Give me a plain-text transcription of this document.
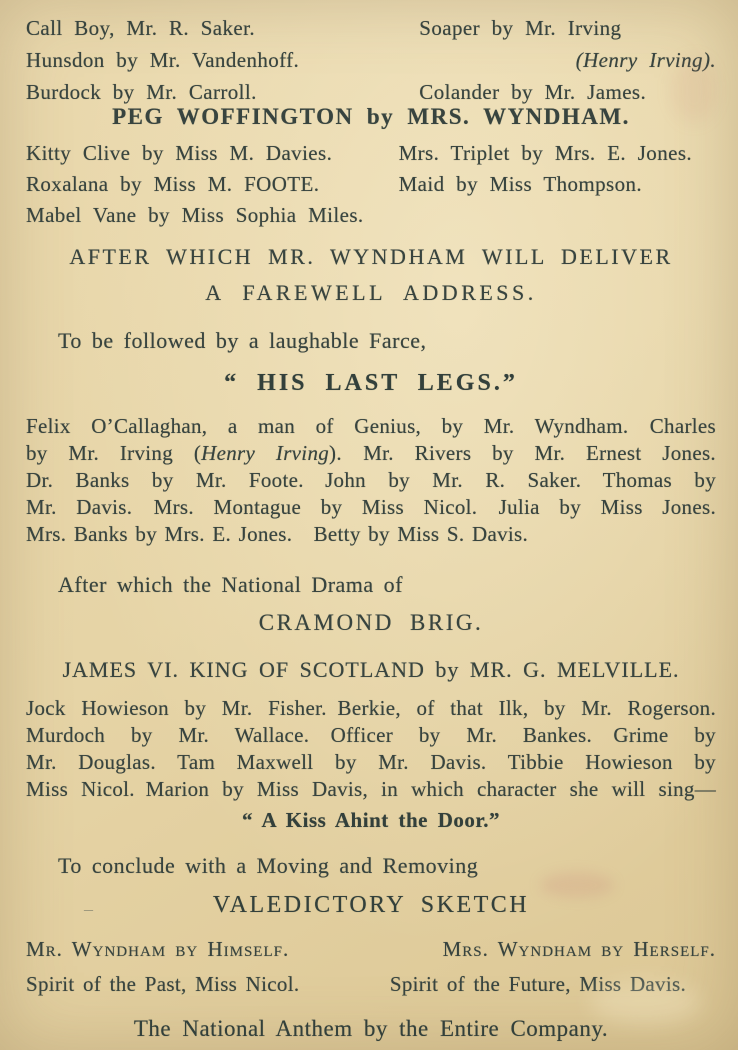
Call Boy, Mr. R. Saker.	Soaper by Mr. Irving
Hunsdon by Mr. Vandenhoff.	(Henry Irving).
Burdock by Mr. Carroll.	Colander by Mr. James.
PEG WOFFINGTON by MRS. WYNDHAM.
Kitty Clive by Miss M. Davies.	Mrs. Triplet by Mrs. E. Jones.
Roxalana by Miss M. FOOTE.	Maid by Miss Thompson.
Mabel Vane by Miss Sophia Miles.

AFTER WHICH MR. WYNDHAM WILL DELIVER

A FAREWELL ADDRESS.

To be followed by a laughable Farce,

“ HIS LAST LEGS.”

Felix O’Callaghan, a man of Genius, by Mr. Wyndham. Charles
by Mr. Irving (Henry Irving). Mr. Rivers by Mr. Ernest Jones.
Dr. Banks by Mr. Foote. John by Mr. R. Saker. Thomas by
Mr. Davis. Mrs. Montague by Miss Nicol. Julia by Miss Jones.
Mrs. Banks by Mrs. E. Jones. Betty by Miss S. Davis.

After which the National Drama of

CRAMOND BRIG.

JAMES VI. KING OF SCOTLAND by MR. G. MELVILLE.

Jock Howieson by Mr. Fisher. Berkie, of that Ilk, by Mr. Rogerson.
Murdoch by Mr. Wallace. Officer by Mr. Bankes. Grime by
Mr. Douglas. Tam Maxwell by Mr. Davis. Tibbie Howieson by
Miss Nicol. Marion by Miss Davis, in which character she will sing—

“ A Kiss Ahint the Door.”

To conclude with a Moving and Removing

–	VALEDICTORY SKETCH

Mr. Wyndham by Himself.	Mrs. Wyndham by Herself.
Spirit of the Past, Miss Nicol.	Spirit of the Future, Miss Davis.

The National Anthem by the Entire Company.
